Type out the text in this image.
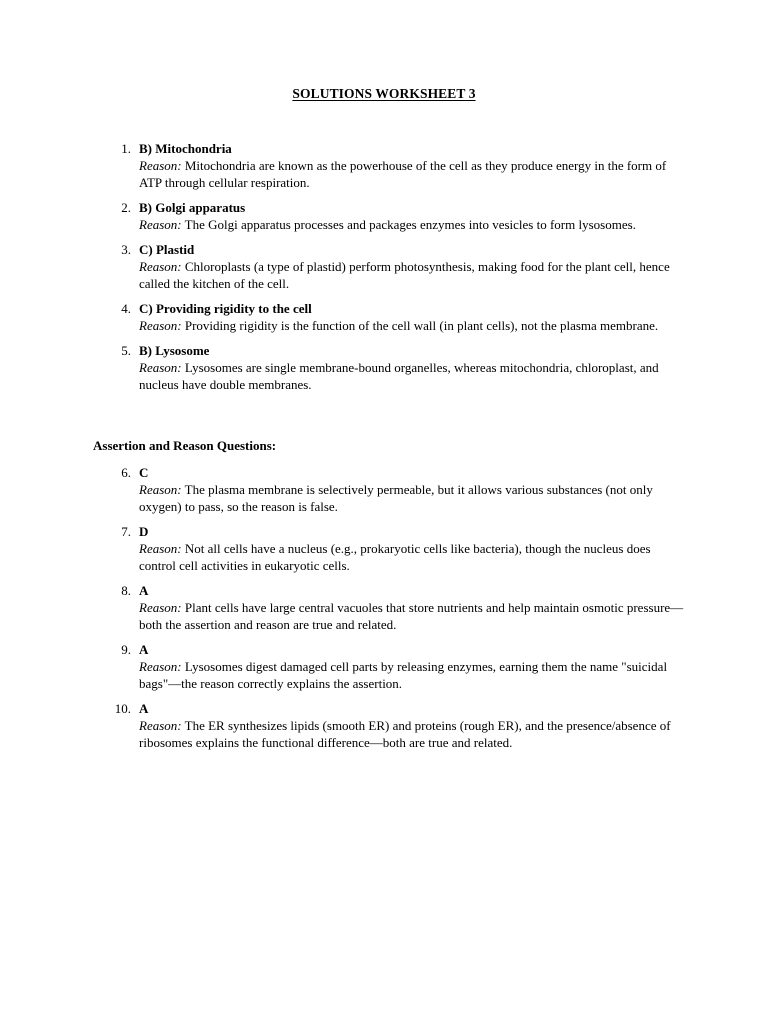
SOLUTIONS WORKSHEET 3
1. B) Mitochondria
Reason: Mitochondria are known as the powerhouse of the cell as they produce energy in the form of ATP through cellular respiration.
2. B) Golgi apparatus
Reason: The Golgi apparatus processes and packages enzymes into vesicles to form lysosomes.
3. C) Plastid
Reason: Chloroplasts (a type of plastid) perform photosynthesis, making food for the plant cell, hence called the kitchen of the cell.
4. C) Providing rigidity to the cell
Reason: Providing rigidity is the function of the cell wall (in plant cells), not the plasma membrane.
5. B) Lysosome
Reason: Lysosomes are single membrane-bound organelles, whereas mitochondria, chloroplast, and nucleus have double membranes.
Assertion and Reason Questions:
6. C
Reason: The plasma membrane is selectively permeable, but it allows various substances (not only oxygen) to pass, so the reason is false.
7. D
Reason: Not all cells have a nucleus (e.g., prokaryotic cells like bacteria), though the nucleus does control cell activities in eukaryotic cells.
8. A
Reason: Plant cells have large central vacuoles that store nutrients and help maintain osmotic pressure—both the assertion and reason are true and related.
9. A
Reason: Lysosomes digest damaged cell parts by releasing enzymes, earning them the name "suicidal bags"—the reason correctly explains the assertion.
10. A
Reason: The ER synthesizes lipids (smooth ER) and proteins (rough ER), and the presence/absence of ribosomes explains the functional difference—both are true and related.
